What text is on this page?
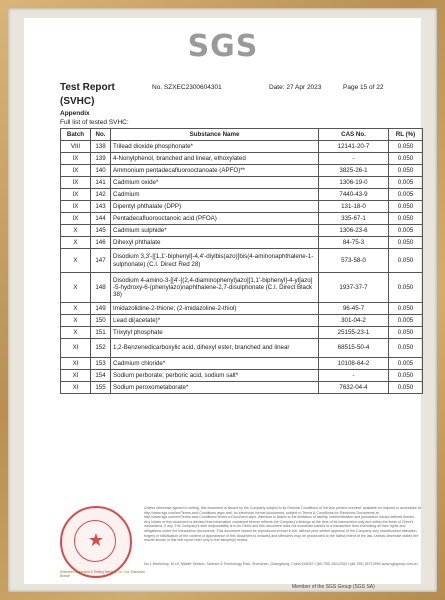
SGS
Test Report
(SVHC)
No. SZXEC2300604301	Date: 27 Apr 2023	Page 15 of 22
Appendix
Full list of tested SVHC:
Batch	No.	Substance Name	CAS No.	RL (%)
VIII	138	Trilead dioxide phosphonate*	12141-20-7	0.050
IX	139	4-Nonylphenol, branched and linear, ethoxylated	-	0.050
IX	140	Ammonium pentadecafluorooctanoate (APFO)**	3825-26-1	0.050
IX	141	Cadmium oxide*	1306-19-0	0.005
IX	142	Cadmium	7440-43-9	0.005
IX	143	Dipentyl phthalate (DPP)	131-18-0	0.050
IX	144	Pentadecafluorooctanoic acid (PFOA)	335-67-1	0.050
X	145	Cadmium sulphide*	1306-23-6	0.005
X	146	Dihexyl phthalate	84-75-3	0.050
X	147	Disodium 3,3'-[[1,1'-biphenyl]-4,4'-diylbis(azo)]bis(4-aminonaphthalene-1-sulphonate) (C.I. Direct Red 28)	573-58-0	0.050
X	148	Disodium 4-amino-3-[[4'-[(2,4-diaminophenyl)azo][1,1'-biphenyl]-4-yl]azo] -5-hydroxy-6-(phenylazo)naphthalene-2,7-disulphonate (C.I. Direct Black 38)	1937-37-7	0.050
X	149	Imidazolidine-2-thione; (2-imidazoline-2-thiol)	96-45-7	0.050
X	150	Lead di(acetate)*	301-04-2	0.005
X	151	Trixylyl phosphate	25155-23-1	0.050
XI	152	1,2-Benzenedicarboxylic acid, dihexyl ester, branched and linear	68515-50-4	0.050
XI	153	Cadmium chloride*	10108-64-2	0.005
XI	154	Sodium perborate; perboric acid, sodium salt*	-	0.050
XI	155	Sodium peroxometaborate*	7632-04-4	0.050
★
Shenzhen Inspection & Testing Services Co., Ltd. Shenzhen Branch
Unless otherwise agreed in writing, this document is issued by the Company subject to its General Conditions of Service printed overleaf, available on request or accessible at http://www.sgs.com/en/Terms-and-Conditions.aspx and, for electronic format documents, subject to Terms & Conditions for Electronic Documents at http://www.sgs.com/en/Terms-and-Conditions/Terms-e-Document.aspx. Attention is drawn to the limitation of liability, indemnification and jurisdiction issues defined therein. Any holder of this document is advised that information contained hereon reflects the Company's findings at the time of its intervention only and within the limits of Client's instructions, if any. The Company's sole responsibility is to its Client and this document does not exonerate parties to a transaction from exercising all their rights and obligations under the transaction documents. This document cannot be reproduced except in full, without prior written approval of the Company. Any unauthorized alteration, forgery or falsification of the content or appearance of this document is unlawful and offenders may be prosecuted to the fullest extent of the law. Unless otherwise stated the results shown in this test report refer only to the sample(s) tested.
No.1 Workshop, M-10, Middle Section, Science & Technology Park, Shenzhen, Guangdong, China 518057 t (86-755) 26012053 f (86-755) 26710594 www.sgsgroup.com.cn
Member of the SGS Group (SGS SA)
